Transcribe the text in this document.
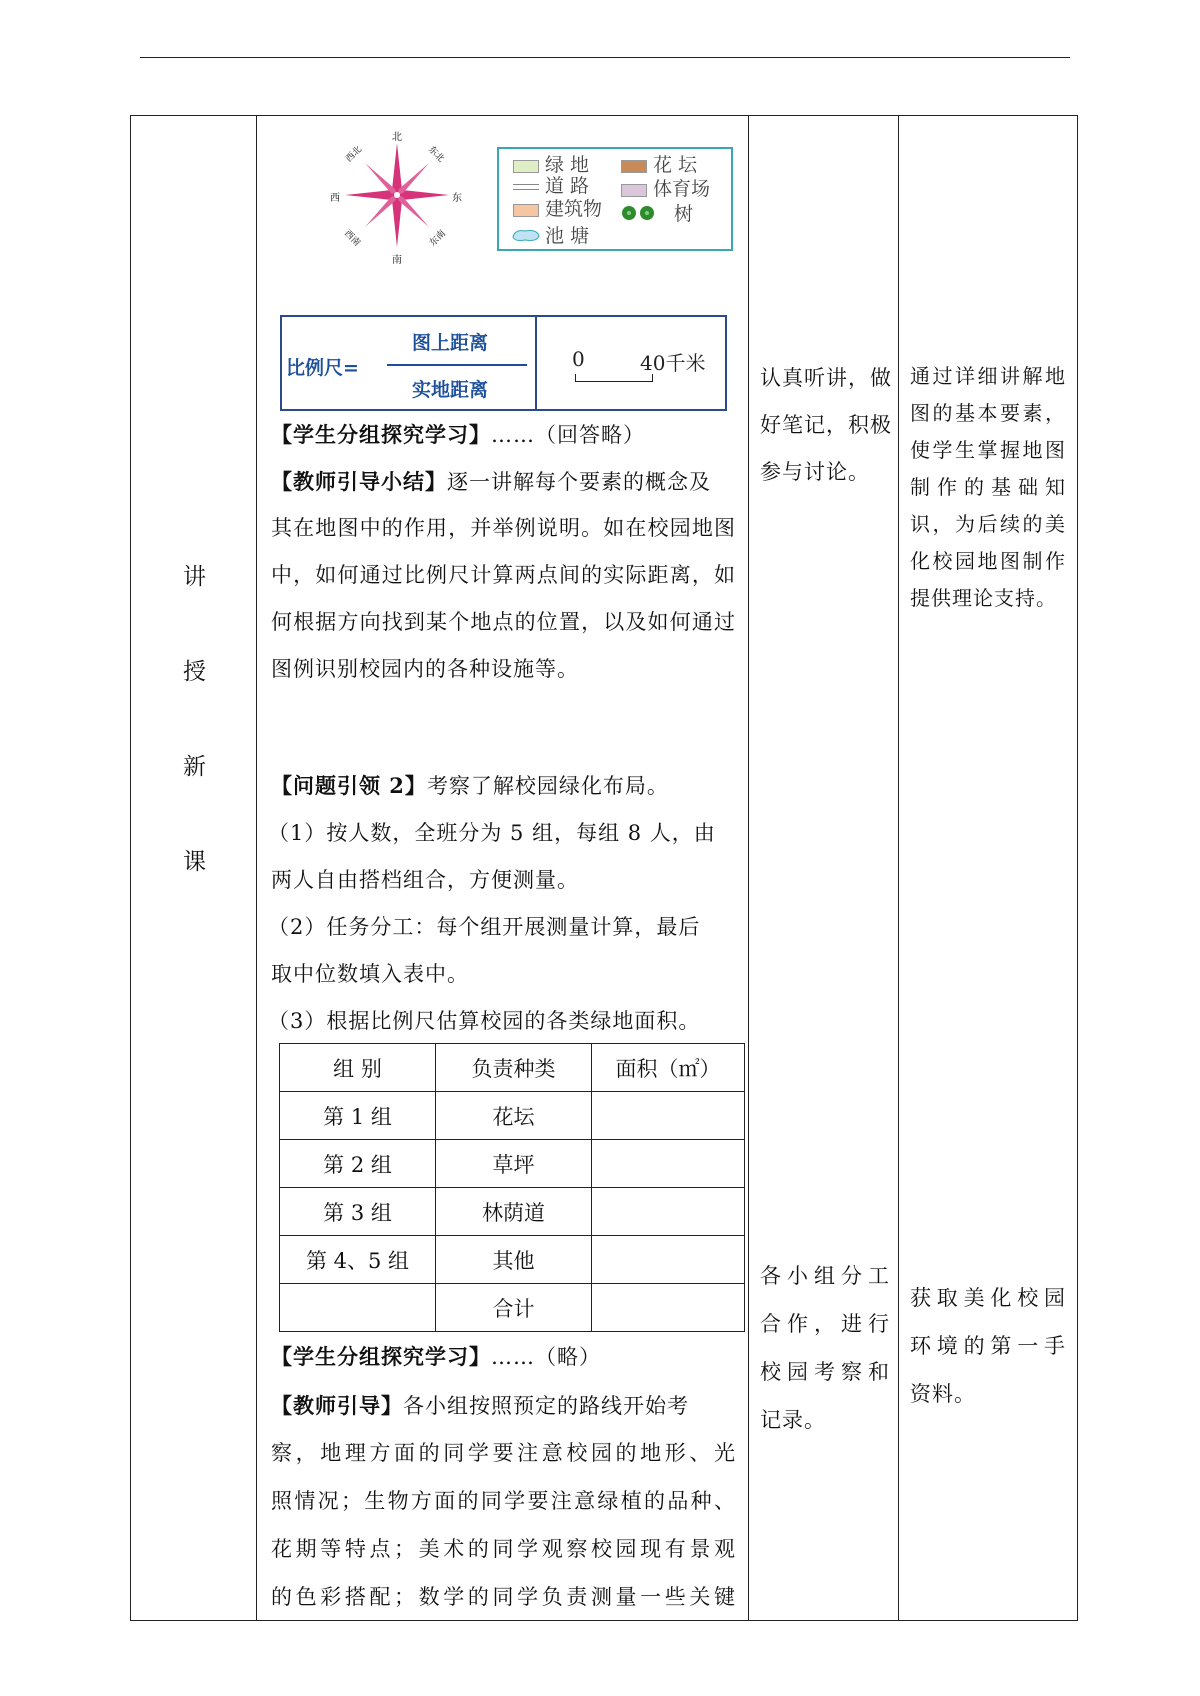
讲
授
新
课
北
南
东
西
东北
西北
东南
西南
绿 地	花 坛
道 路	体育场
建筑物	树
池 塘
比例尺=
图上距离
实地距离
0	40千米
【学生分组探究学习】……（回答略）
【教师引导小结】逐一讲解每个要素的概念及
其在地图中的作用，并举例说明。如在校园地图
中，如何通过比例尺计算两点间的实际距离，如
何根据方向找到某个地点的位置，以及如何通过
图例识别校园内的各种设施等。
【问题引领 2】考察了解校园绿化布局。
（1）按人数，全班分为 5 组，每组 8 人，由
两人自由搭档组合，方便测量。
（2）任务分工：每个组开展测量计算，最后
取中位数填入表中。
（3）根据比例尺估算校园的各类绿地面积。
组 别	负责种类	面积（㎡）
第 1 组	花坛	
第 2 组	草坪	
第 3 组	林荫道	
第 4、5 组	其他	
	合计	
【学生分组探究学习】……（略）
【教师引导】各小组按照预定的路线开始考
察，地理方面的同学要注意校园的地形、光
照情况；生物方面的同学要注意绿植的品种、
花期等特点；美术的同学观察校园现有景观
的色彩搭配；数学的同学负责测量一些关键
认真听讲，做
好笔记，积极
参与讨论。
各小组分工
合作，进行
校园考察和
记录。
通过详细讲解地
图的基本要素，
使学生掌握地图
制作的基础知
识，为后续的美
化校园地图制作
提供理论支持。
获取美化校园
环境的第一手
资料。
